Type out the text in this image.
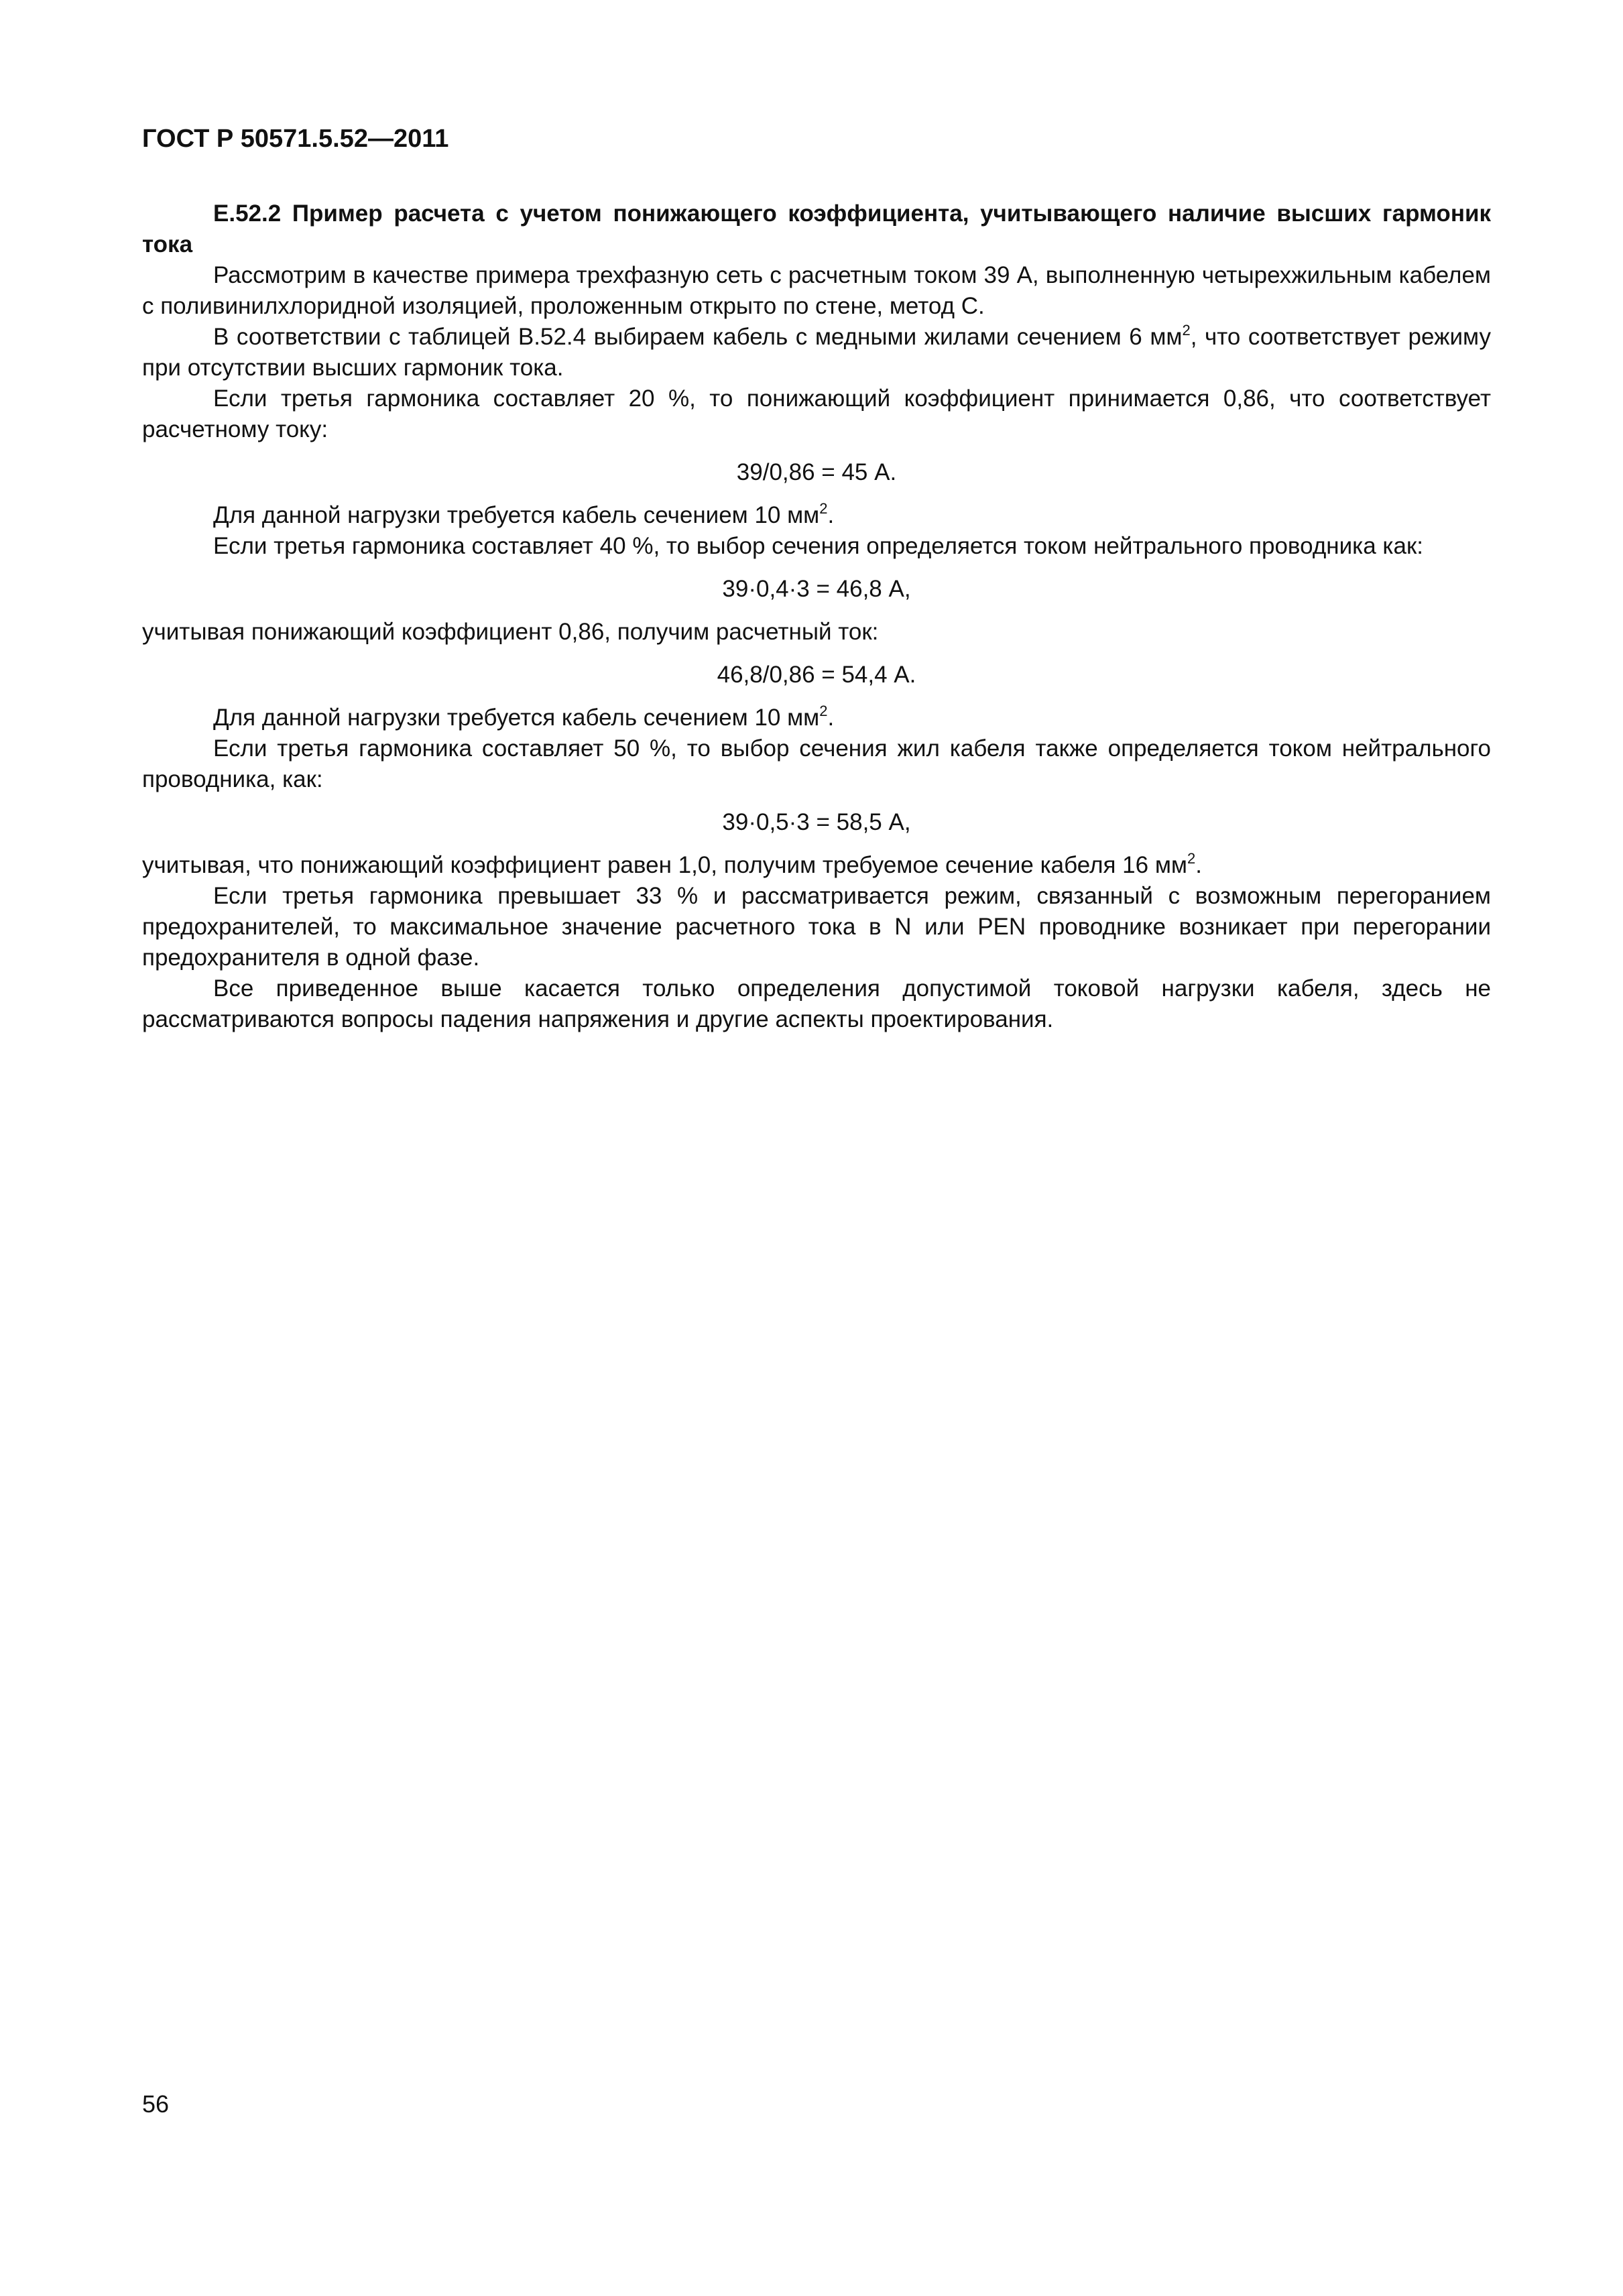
ГОСТ Р 50571.5.52—2011

Е.52.2 Пример расчета с учетом понижающего коэффициента, учитывающего наличие высших гармоник тока

Рассмотрим в качестве примера трехфазную сеть с расчетным током 39 А, выполненную четырехжильным кабелем с поливинилхлоридной изоляцией, проложенным открыто по стене, метод С.

В соответствии с таблицей В.52.4 выбираем кабель с медными жилами сечением 6 $мм^2$, что соответствует режиму при отсутствии высших гармоник тока.

Если третья гармоника составляет 20 %, то понижающий коэффициент принимается 0,86, что соответствует расчетному току:

39/0,86 = 45 А.

Для данной нагрузки требуется кабель сечением 10 $мм^2$.

Если третья гармоника составляет 40 %, то выбор сечения определяется током нейтрального проводника как:

39·0,4·3 = 46,8 А,

учитывая понижающий коэффициент 0,86, получим расчетный ток:

46,8/0,86 = 54,4 А.

Для данной нагрузки требуется кабель сечением 10 $мм^2$.

Если третья гармоника составляет 50 %, то выбор сечения жил кабеля также определяется током нейтрального проводника, как:

39·0,5·3 = 58,5 А,

учитывая, что понижающий коэффициент равен 1,0, получим требуемое сечение кабеля 16 $мм^2$.

Если третья гармоника превышает 33 % и рассматривается режим, связанный с возможным перегоранием предохранителей, то максимальное значение расчетного тока в N или PEN проводнике возникает при перегорании предохранителя в одной фазе.

Все приведенное выше касается только определения допустимой токовой нагрузки кабеля, здесь не рассматриваются вопросы падения напряжения и другие аспекты проектирования.

56
